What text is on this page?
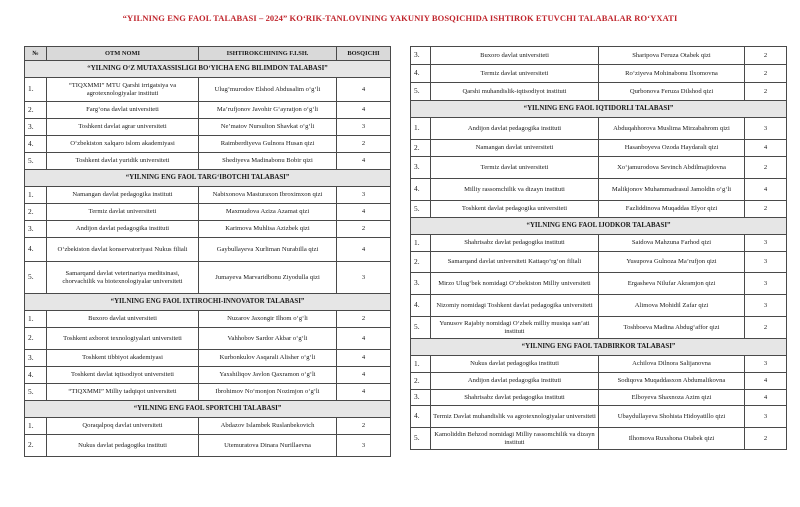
“YILNING ENG FAOL TALABASI – 2024” KO‘RIK-TANLOVINING YAKUNIY BOSQICHIDA ISHTIROK ETUVCHI TALABALAR RO‘YXATI
№	OTM NOMI	ISHTIROKCHINING F.I.SH.	BOSQICHI
“YILNING O‘Z MUTAXASSISLIGI BO‘YICHA ENG BILIMDON TALABASI”			
1.	“TIQXMMI” MTU Qarshi irrigatsiya va agrotexnologiyalar instituti	Ulug‘murodov Elshod Abdusalim o‘g‘li	4
2.	Farg‘ona davlat universiteti	Ma’rufjonov Javohir G‘ayratjon o‘g‘li	4
3.	Toshkent davlat agrar universiteti	Ne’matov Nursulton Shavkat o‘g‘li	3
4.	O‘zbekiston xalqaro islom akademiyasi	Raimberdiyeva Gulnora Husan qizi	2
5.	Toshkent davlat yuridik universiteti	Shediyeva Madinabonu Bobir qizi	4
“YILNING ENG FAOL TARG‘IBOTCHI TALABASI”			
1.	Namangan davlat pedagogika instituti	Nabixonova Masturaxon Ibroximxon qizi	3
2.	Termiz davlat universiteti	Maxmudova Aziza Azamat qizi	4
3.	Andijon davlat pedagogika instituti	Karimova Muhlisa Azizbek qizi	2
4.	O‘zbekiston davlat konservatoriyasi Nukus filiali	Gaybullayeva Xurliman Nurabilla qizi	4
5.	Samarqand davlat veterinariya meditsinasi, chorvachilik va biotexnologiyalar universiteti	Jumayeva Marvaridbonu Ziyodulla qizi	3
“YILNING ENG FAOL IXTIROCHI-INNOVATOR TALABASI”			
1.	Buxoro davlat universiteti	Nuzarov Jaxongir Ilhom o‘g‘li	2
2.	Toshkent axborot texnologiyalari universiteti	Vahhobov Sardor Akbar o‘g‘li	4
3.	Toshkent tibbiyot akademiyasi	Kurbonkulov Asqarali Alisher o‘g‘li	4
4.	Toshkent davlat iqtisodiyot universiteti	Yaxshiliqov Javlon Qaxramon o‘g‘li	4
5.	“TIQXMMI” Milliy tadqiqot universiteti	Ibrohimov No‘monjon Nozimjon o‘g‘li	4
“YILNING ENG FAOL SPORTCHI TALABASI”			
1.	Qoraqalpoq davlat universiteti	Abdazov Islambek Ruslanbekovich	2
2.	Nukus davlat pedagogika instituti	Utemuratova Dinara Nurillaevna	3
3.	Buxoro davlat universiteti	Sharipova Feruza Otabek qizi	2
4.	Termiz davlat universiteti	Ro‘ziyeva Mohinabonu Ilxomovna	2
5.	Qarshi muhandislik-iqtisodiyot instituti	Qurbonova Feruza Dilshod qizi	2
“YILNING ENG FAOL IQTIDORLI TALABASI”			
1.	Andijon davlat pedagogika instituti	Abduqahhorova Muslima Mirzabahrom qizi	3
2.	Namangan davlat universiteti	Hasanboyeva Ozoda Haydarali qizi	4
3.	Termiz davlat universiteti	Xo‘jamurodova Sevinch Abdilmajidovna	2
4.	Milliy rassomchilik va dizayn instituti	Malikjonov Muhammadrasul Jamoldin o‘g‘li	4
5.	Toshkent davlat pedagogika universiteti	Fazliddinova Muqaddas Elyor qizi	2
“YILNING ENG FAOL IJODKOR TALABASI”			
1.	Shahrisabz davlat pedagogika instituti	Saidova Mahzuna Farhod qizi	3
2.	Samarqand davlat universiteti Kattaqo‘rg‘on filiali	Yusupova Gulnoza Ma’rufjon qizi	3
3.	Mirzo Ulug‘bek nomidagi O‘zbekiston Milliy universiteti	Ergasheva Nilufar Akramjon qizi	3
4.	Nizomiy nomidagi Toshkent davlat pedagogika universiteti	Alimova Mohidil Zafar qizi	3
5.	Yunusov Rajabiy nomidagi O‘zbek milliy musiqa san’ati instituti	Toshboeva Madina Abdug‘affor qizi	2
“YILNING ENG FAOL TADBIRKOR TALABASI”			
1.	Nukus davlat pedagogika instituti	Achilova Dilnora Salijanovna	3
2.	Andijon davlat pedagogika instituti	Sodiqova Muqaddasxon Abdumalikovna	4
3.	Shahrisabz davlat pedagogika instituti	Elboyeva Shaxnoza Azim qizi	4
4.	Termiz Davlat muhandislik va agrotexnologiyalar universiteti	Ubaydullayeva Shohista Hidoyatillo qizi	3
5.	Kamoliddin Behzod nomidagi Milliy rassomchilik va dizayn instituti	Ilhomova Ruxshona Otabek qizi	2
